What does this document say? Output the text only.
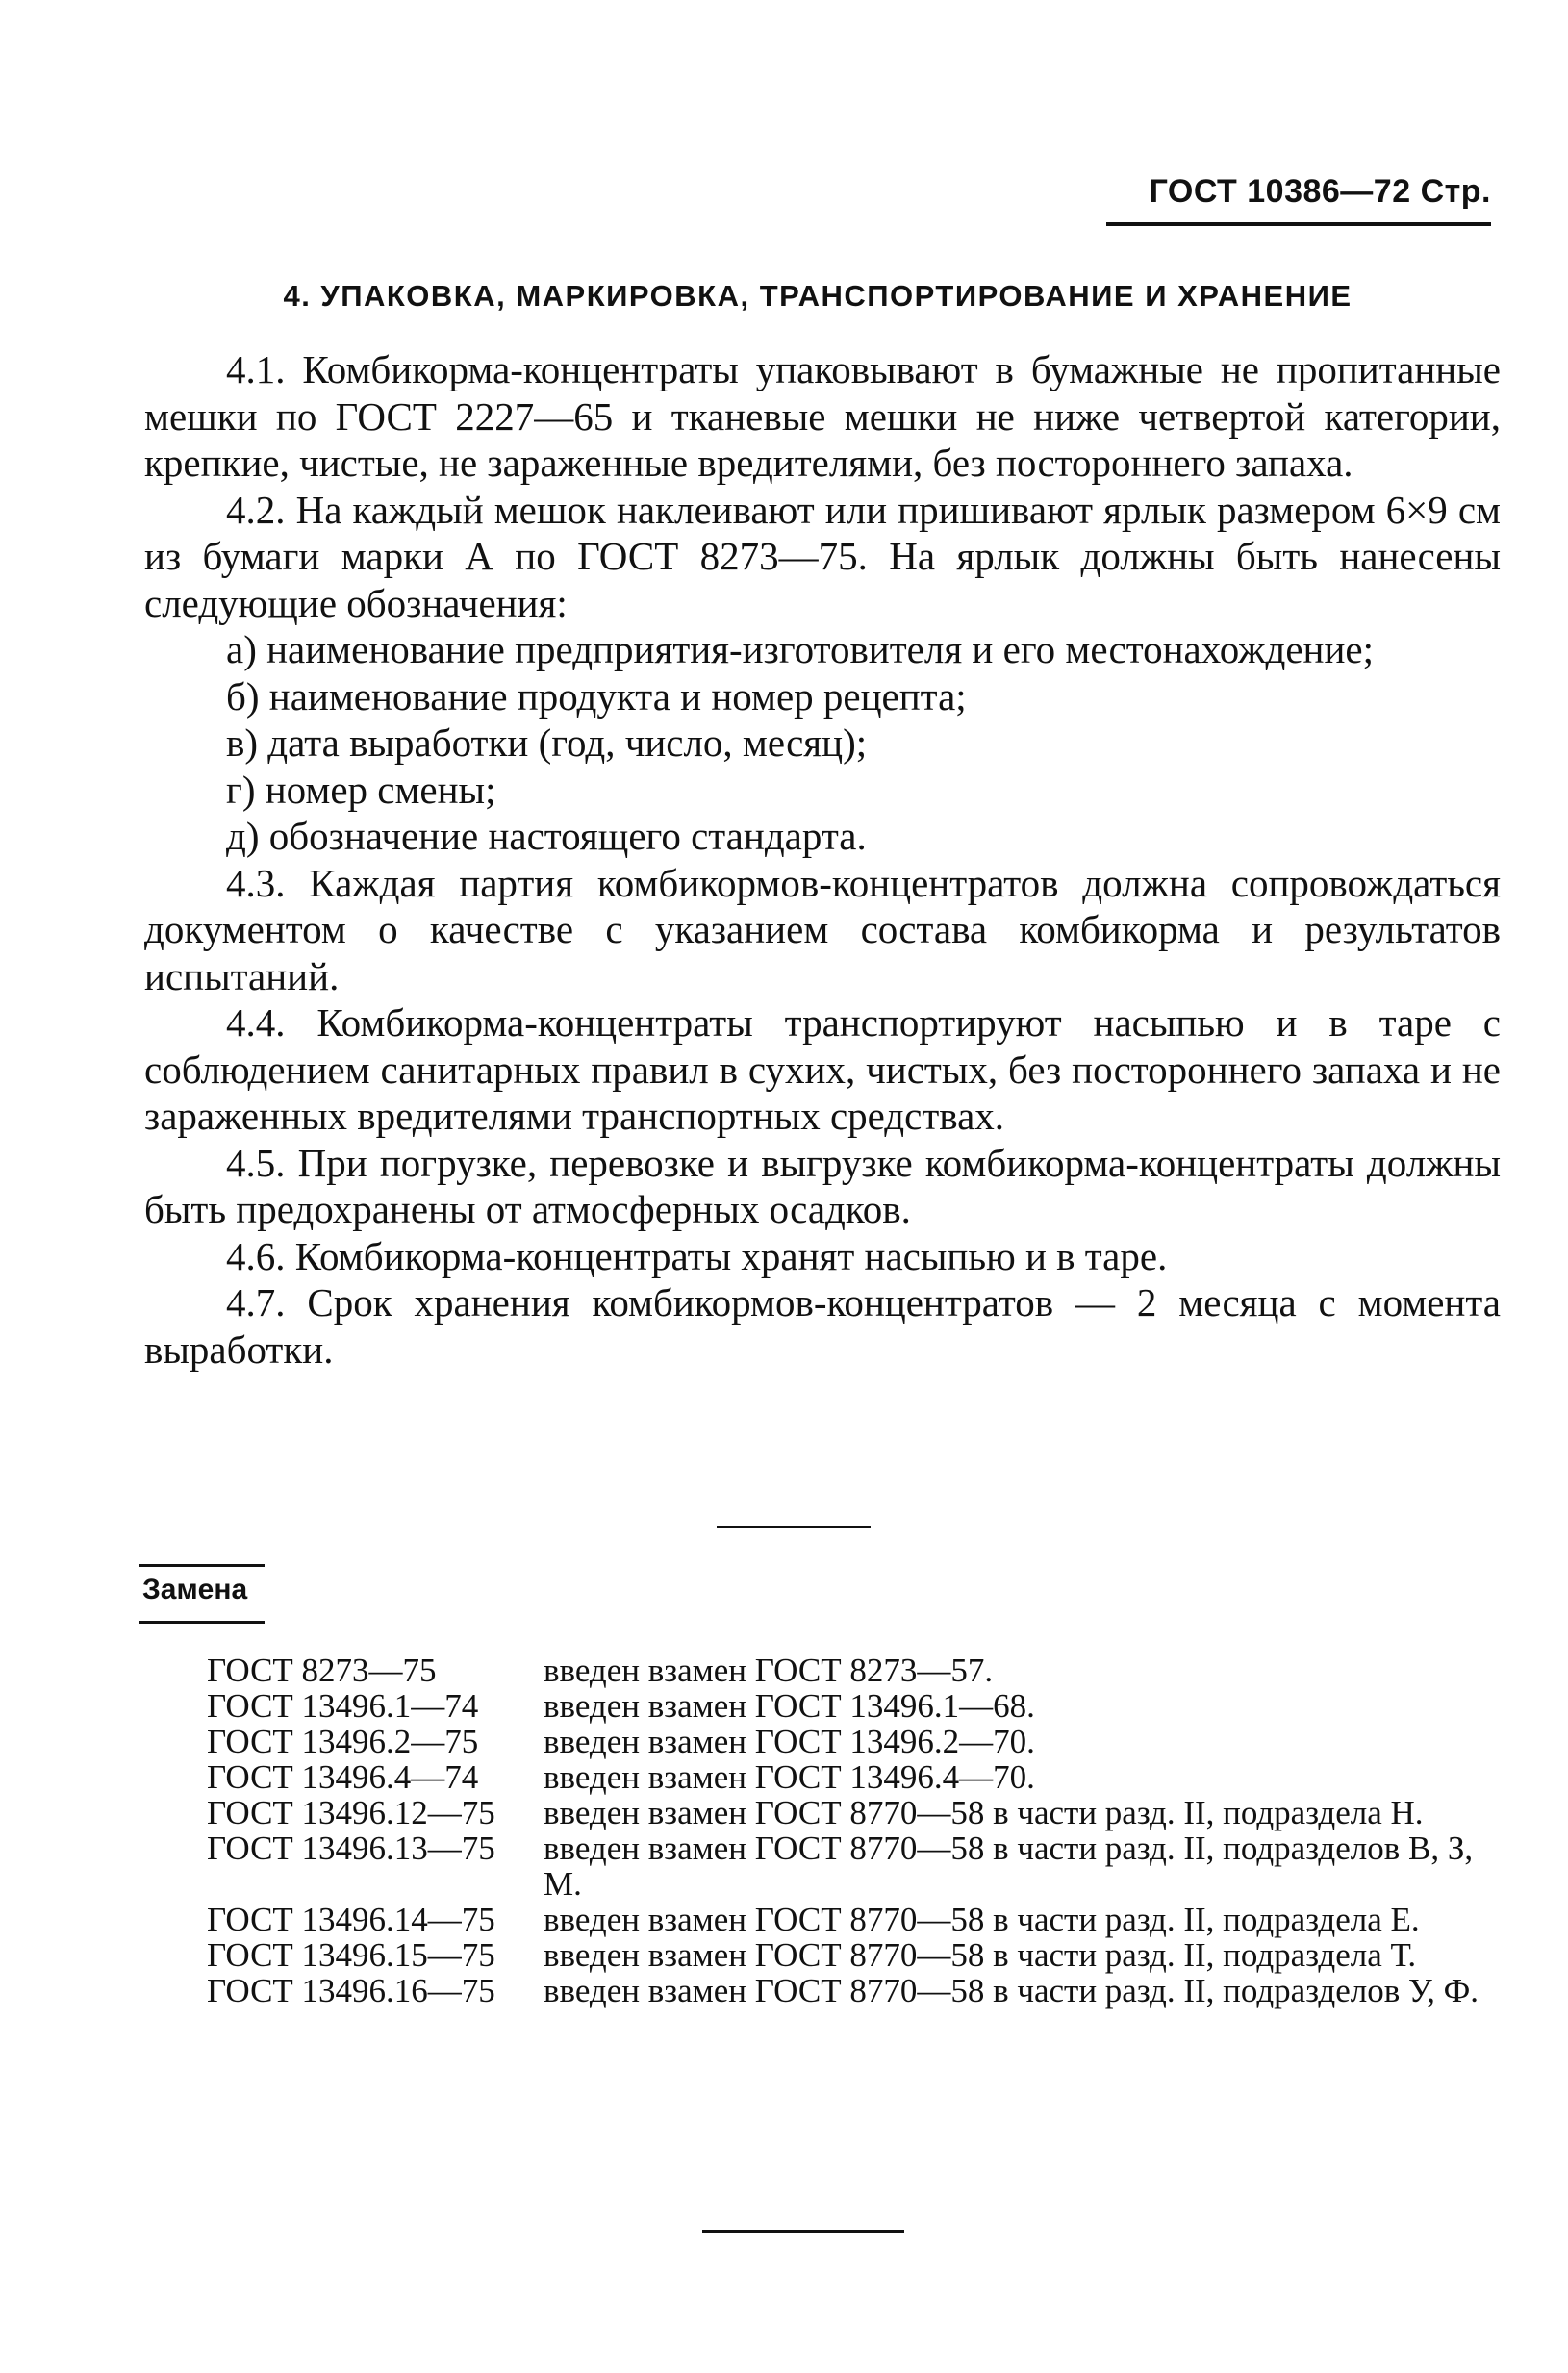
ГОСТ 10386—72 Стр.
4. УПАКОВКА, МАРКИРОВКА, ТРАНСПОРТИРОВАНИЕ И ХРАНЕНИЕ

4.1. Комбикорма-концентраты упаковывают в бумажные не пропитанные мешки по ГОСТ 2227—65 и тканевые мешки не ниже четвертой категории, крепкие, чистые, не зараженные вредителями, без постороннего запаха.

4.2. На каждый мешок наклеивают или пришивают ярлык размером 6×9 см из бумаги марки А по ГОСТ 8273—75. На ярлык должны быть нанесены следующие обозначения:

а) наименование предприятия-изготовителя и его местонахождение;

б) наименование продукта и номер рецепта;

в) дата выработки (год, число, месяц);

г) номер смены;

д) обозначение настоящего стандарта.

4.3. Каждая партия комбикормов-концентратов должна сопровождаться документом о качестве с указанием состава комбикорма и результатов испытаний.

4.4. Комбикорма-концентраты транспортируют насыпью и в таре с соблюдением санитарных правил в сухих, чистых, без постороннего запаха и не зараженных вредителями транспортных средствах.

4.5. При погрузке, перевозке и выгрузке комбикорма-концентраты должны быть предохранены от атмосферных осадков.

4.6. Комбикорма-концентраты хранят насыпью и в таре.

4.7. Срок хранения комбикормов-концентратов — 2 месяца с момента выработки.

Замена
ГОСТ 8273—75	введен взамен ГОСТ 8273—57.
ГОСТ 13496.1—74	введен взамен ГОСТ 13496.1—68.
ГОСТ 13496.2—75	введен взамен ГОСТ 13496.2—70.
ГОСТ 13496.4—74	введен взамен ГОСТ 13496.4—70.
ГОСТ 13496.12—75	введен взамен ГОСТ 8770—58 в части разд. II, подраздела Н.
ГОСТ 13496.13—75	введен взамен ГОСТ 8770—58 в части разд. II, подразделов В, З, М.
ГОСТ 13496.14—75	введен взамен ГОСТ 8770—58 в части разд. II, подраздела Е.
ГОСТ 13496.15—75	введен взамен ГОСТ 8770—58 в части разд. II, подраздела Т.
ГОСТ 13496.16—75	введен взамен ГОСТ 8770—58 в части разд. II, подразделов У, Ф.
